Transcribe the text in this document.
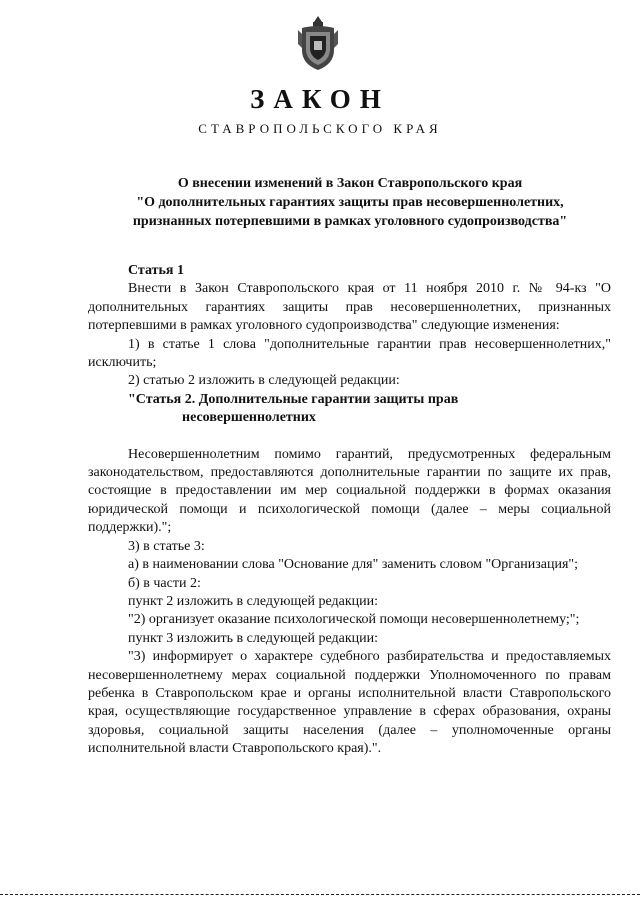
ЗАКОН
СТАВРОПОЛЬСКОГО КРАЯ
О внесении изменений в Закон Ставропольского края
"О дополнительных гарантиях защиты прав несовершеннолетних,
признанных потерпевшими в рамках уголовного судопроизводства"
Статья 1

Внести в Закон Ставропольского края от 11 ноября 2010 г. № 94-кз "О дополнительных гарантиях защиты прав несовершеннолетних, признанных потерпевшими в рамках уголовного судопроизводства" следующие изменения:

1) в статье 1 слова "дополнительные гарантии прав несовершеннолетних," исключить;

2) статью 2 изложить в следующей редакции:

"Статья 2. Дополнительные гарантии защиты прав
несовершеннолетних

Несовершеннолетним помимо гарантий, предусмотренных федеральным законодательством, предоставляются дополнительные гарантии по защите их прав, состоящие в предоставлении им мер социальной поддержки в формах оказания юридической помощи и психологической помощи (далее – меры социальной поддержки).";

3) в статье 3:

а) в наименовании слова "Основание для" заменить словом "Организация";

б) в части 2:

пункт 2 изложить в следующей редакции:

"2) организует оказание психологической помощи несовершеннолетнему;";

пункт 3 изложить в следующей редакции:

"3) информирует о характере судебного разбирательства и предоставляемых несовершеннолетнему мерах социальной поддержки Уполномоченного по правам ребенка в Ставропольском крае и органы исполнительной власти Ставропольского края, осуществляющие государственное управление в сферах образования, охраны здоровья, социальной защиты населения (далее – уполномоченные органы исполнительной власти Ставропольского края).".
